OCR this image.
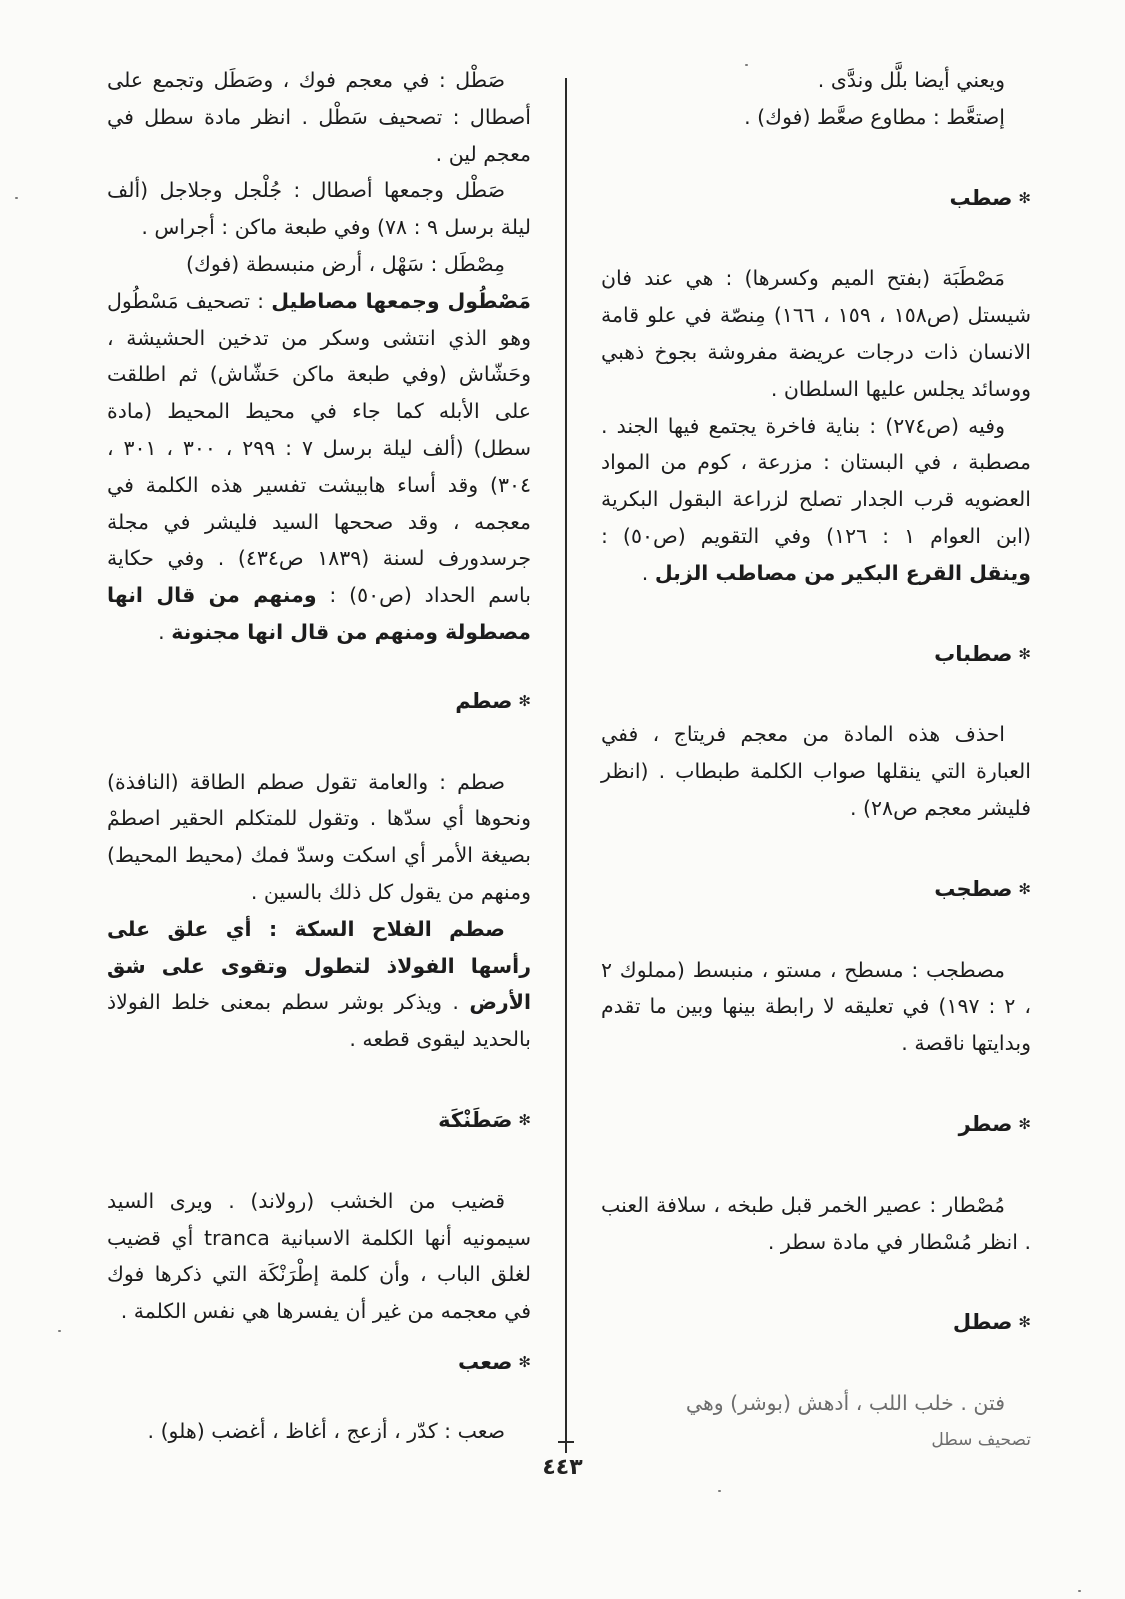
ويعني أيضا بلَّل وندَّى .

إصتعَّط : مطاوع صعَّط (فوك) .

✻
صطب

مَصْطَبَة (بفتح الميم وكسرها) : هي عند فان شيستل (ص١٥٨ ، ١٥٩ ، ١٦٦) مِنصّة في علو قامة الانسان ذات درجات عريضة مفروشة بجوخ ذهبي ووسائد يجلس عليها السلطان .

وفيه (ص٢٧٤) : بناية فاخرة يجتمع فيها الجند . مصطبة ، في البستان : مزرعة ، كوم من المواد العضويه قرب الجدار تصلح لزراعة البقول البكرية (ابن العوام ١ : ١٢٦) وفي التقويم (ص٥٠) : وينقل القرع البكير من مصاطب الزبل .

✻
صطباب

احذف هذه المادة من معجم فريتاج ، ففي العبارة التي ينقلها صواب الكلمة طبطاب . (انظر فليشر معجم ص٢٨) .

✻
صطجب

مصطجب : مسطح ، مستو ، منبسط (مملوك ٢ ، ٢ : ١٩٧) في تعليقه لا رابطة بينها وبين ما تقدم وبدايتها ناقصة .

✻
صطر

مُصْطار : عصير الخمر قبل طبخه ، سلافة العنب . انظر مُسْطار في مادة سطر .

✻
صطل

فتن . خلب اللب ، أدهش (بوشر) وهي

تصحيف سطل

صَطْل : في معجم فوك ، وصَطَل وتجمع على أصطال : تصحيف سَطْل . انظر مادة سطل في معجم لين .

صَطْل وجمعها أصطال : جُلْجل وجلاجل (ألف ليلة برسل ٩ : ٧٨) وفي طبعة ماكن : أجراس .

مِصْطَل : سَهْل ، أرض منبسطة (فوك)

مَصْطُول وجمعها مصاطيل : تصحيف مَسْطُول وهو الذي انتشى وسكر من تدخين الحشيشة ، وحَشّاش (وفي طبعة ماكن حَشّاش) ثم اطلقت على الأبله كما جاء في محيط المحيط (مادة سطل) (ألف ليلة برسل ٧ : ٢٩٩ ، ٣٠٠ ، ٣٠١ ، ٣٠٤) وقد أساء هابيشت تفسير هذه الكلمة في معجمه ، وقد صححها السيد فليشر في مجلة جرسدورف لسنة (١٨٣٩ ص٤٣٤) . وفي حكاية باسم الحداد (ص٥٠) : ومنهم من قال انها مصطولة ومنهم من قال انها مجنونة .

✻
صطم

صطم : والعامة تقول صطم الطاقة (النافذة) ونحوها أي سدّها . وتقول للمتكلم الحقير اصطمْ بصيغة الأمر أي اسكت وسدّ فمك (محيط المحيط) ومنهم من يقول كل ذلك بالسين .

صطم الفلاح السكة : أي علق على رأسها الفولاذ لتطول وتقوى على شق الأرض . ويذكر بوشر سطم بمعنى خلط الفولاذ بالحديد ليقوى قطعه .

✻
صَطَنْكَة

قضيب من الخشب (رولاند) . ويرى السيد سيمونيه أنها الكلمة الاسبانية tranca أي قضيب لغلق الباب ، وأن كلمة إطْرَنْكَة التي ذكرها فوك في معجمه من غير أن يفسرها هي نفس الكلمة .

✻
صعب

صعب : كدّر ، أزعج ، أغاظ ، أغضب (هلو) .

٤٤٣
